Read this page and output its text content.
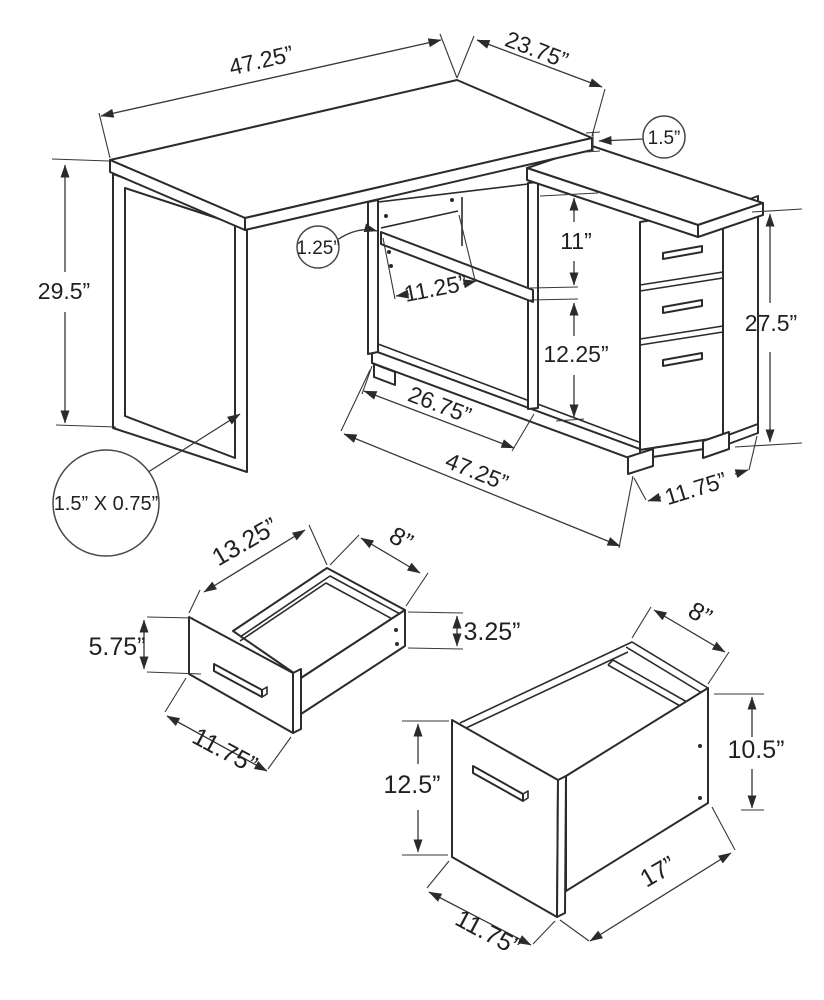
47.25”	23.75”
1.5”
29.5”
1.25”
11.25”
11”
12.25”
26.75”
47.25”
27.5”
11.75”
1.5” X 0.75”
13.25”	8”
5.75”
3.25”
11.75”
8”
10.5”
12.5”
11.75”
17”
